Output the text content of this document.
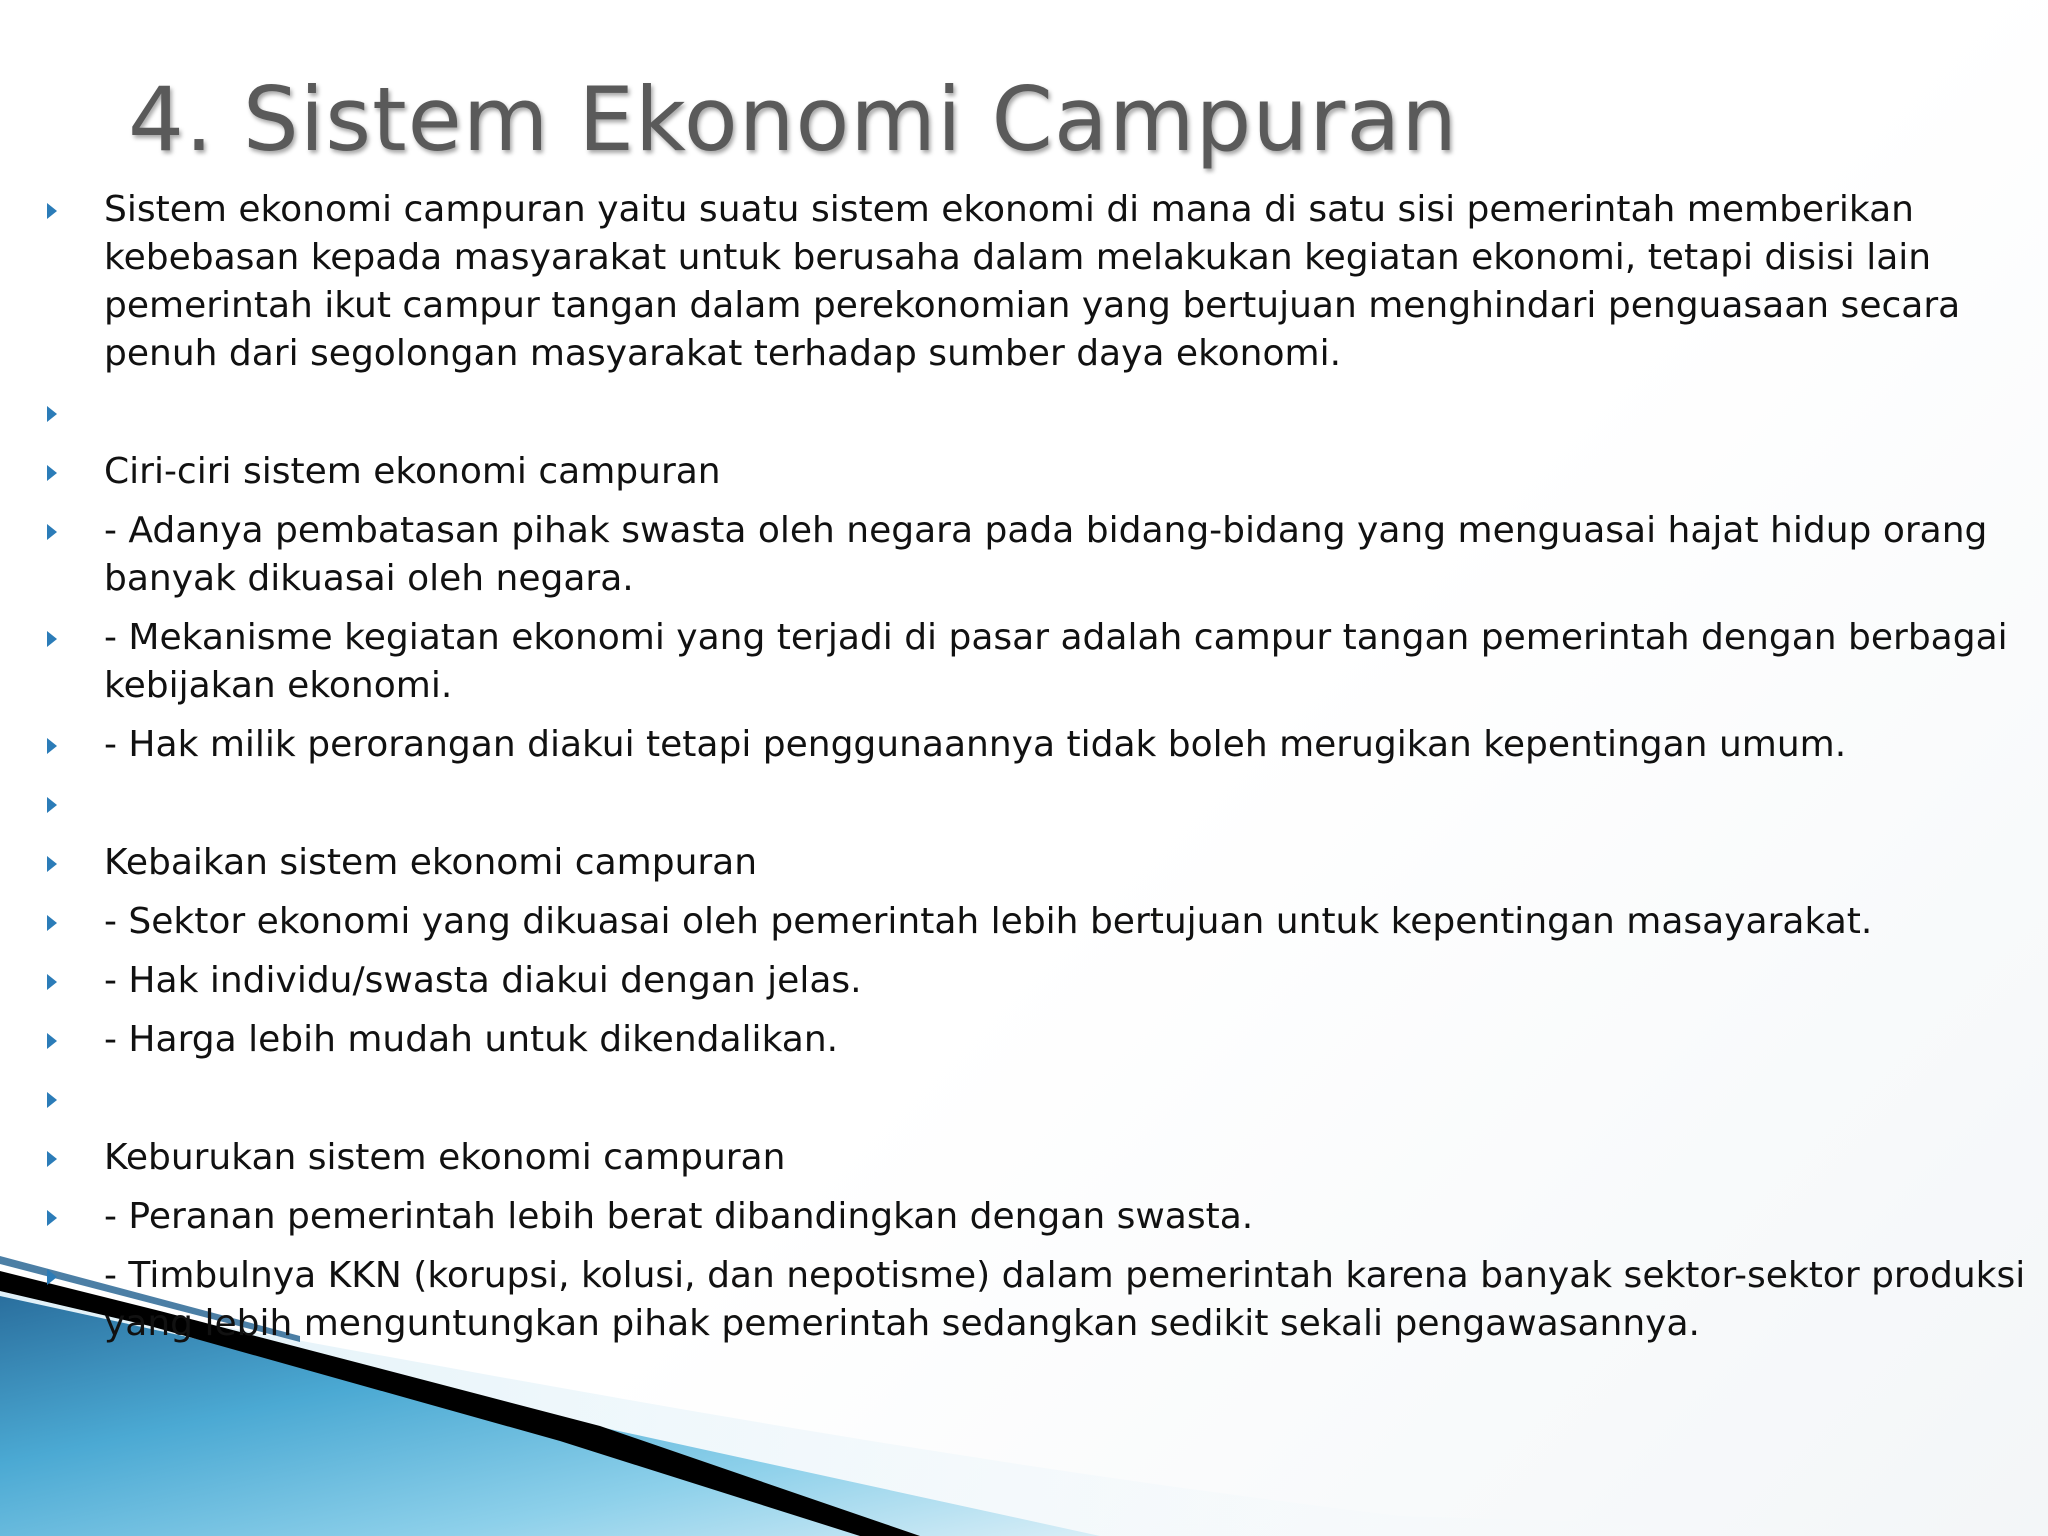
4. Sistem Ekonomi Campuran
Sistem ekonomi campuran yaitu suatu sistem ekonomi di mana di satu sisi pemerintah memberikan kebebasan kepada masyarakat untuk berusaha dalam melakukan kegiatan ekonomi, tetapi disisi lain pemerintah ikut campur tangan dalam perekonomian yang bertujuan menghindari penguasaan secara penuh dari segolongan masyarakat terhadap sumber daya ekonomi.
Ciri-ciri sistem ekonomi campuran
- Adanya pembatasan pihak swasta oleh negara pada bidang-bidang yang menguasai hajat hidup orang banyak dikuasai oleh negara.
- Mekanisme kegiatan ekonomi yang terjadi di pasar adalah campur tangan pemerintah dengan berbagai kebijakan ekonomi.
- Hak milik perorangan diakui tetapi penggunaannya tidak boleh merugikan kepentingan umum.
Kebaikan sistem ekonomi campuran
- Sektor ekonomi yang dikuasai oleh pemerintah lebih bertujuan untuk kepentingan masayarakat.
- Hak individu/swasta diakui dengan jelas.
- Harga lebih mudah untuk dikendalikan.
Keburukan sistem ekonomi campuran
- Peranan pemerintah lebih berat dibandingkan dengan swasta.
- Timbulnya KKN (korupsi, kolusi, dan nepotisme) dalam pemerintah karena banyak sektor-sektor produksi yang lebih menguntungkan pihak pemerintah sedangkan sedikit sekali pengawasannya.
